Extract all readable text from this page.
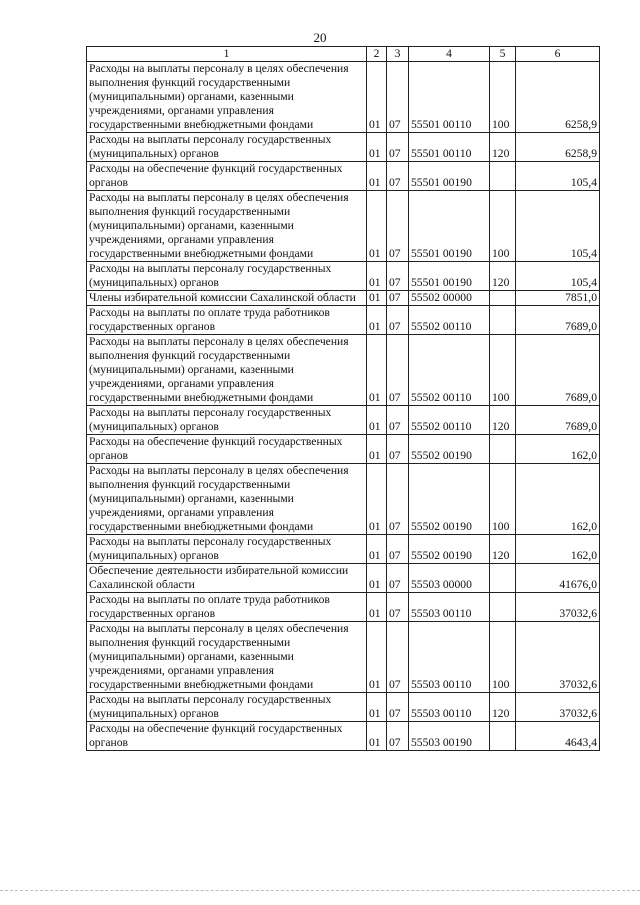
20
1	2	3	4	5	6
Расходы на выплаты персоналу в целях обеспечения выполнения функций государственными (муниципальными) органами, казенными учреждениями, органами управления государственными внебюджетными фондами	01	07	55501 00110	100	6258,9
Расходы на выплаты персоналу государственных (муниципальных) органов	01	07	55501 00110	120	6258,9
Расходы на обеспечение функций государственных органов	01	07	55501 00190		105,4
Расходы на выплаты персоналу в целях обеспечения выполнения функций государственными (муниципальными) органами, казенными учреждениями, органами управления государственными внебюджетными фондами	01	07	55501 00190	100	105,4
Расходы на выплаты персоналу государственных (муниципальных) органов	01	07	55501 00190	120	105,4
Члены избирательной комиссии Сахалинской области	01	07	55502 00000		7851,0
Расходы на выплаты по оплате труда работников государственных органов	01	07	55502 00110		7689,0
Расходы на выплаты персоналу в целях обеспечения выполнения функций государственными (муниципальными) органами, казенными учреждениями, органами управления государственными внебюджетными фондами	01	07	55502 00110	100	7689,0
Расходы на выплаты персоналу государственных (муниципальных) органов	01	07	55502 00110	120	7689,0
Расходы на обеспечение функций государственных органов	01	07	55502 00190		162,0
Расходы на выплаты персоналу в целях обеспечения выполнения функций государственными (муниципальными) органами, казенными учреждениями, органами управления государственными внебюджетными фондами	01	07	55502 00190	100	162,0
Расходы на выплаты персоналу государственных (муниципальных) органов	01	07	55502 00190	120	162,0
Обеспечение деятельности избирательной комиссии Сахалинской области	01	07	55503 00000		41676,0
Расходы на выплаты по оплате труда работников государственных органов	01	07	55503 00110		37032,6
Расходы на выплаты персоналу в целях обеспечения выполнения функций государственными (муниципальными) органами, казенными учреждениями, органами управления государственными внебюджетными фондами	01	07	55503 00110	100	37032,6
Расходы на выплаты персоналу государственных (муниципальных) органов	01	07	55503 00110	120	37032,6
Расходы на обеспечение функций государственных органов	01	07	55503 00190		4643,4
